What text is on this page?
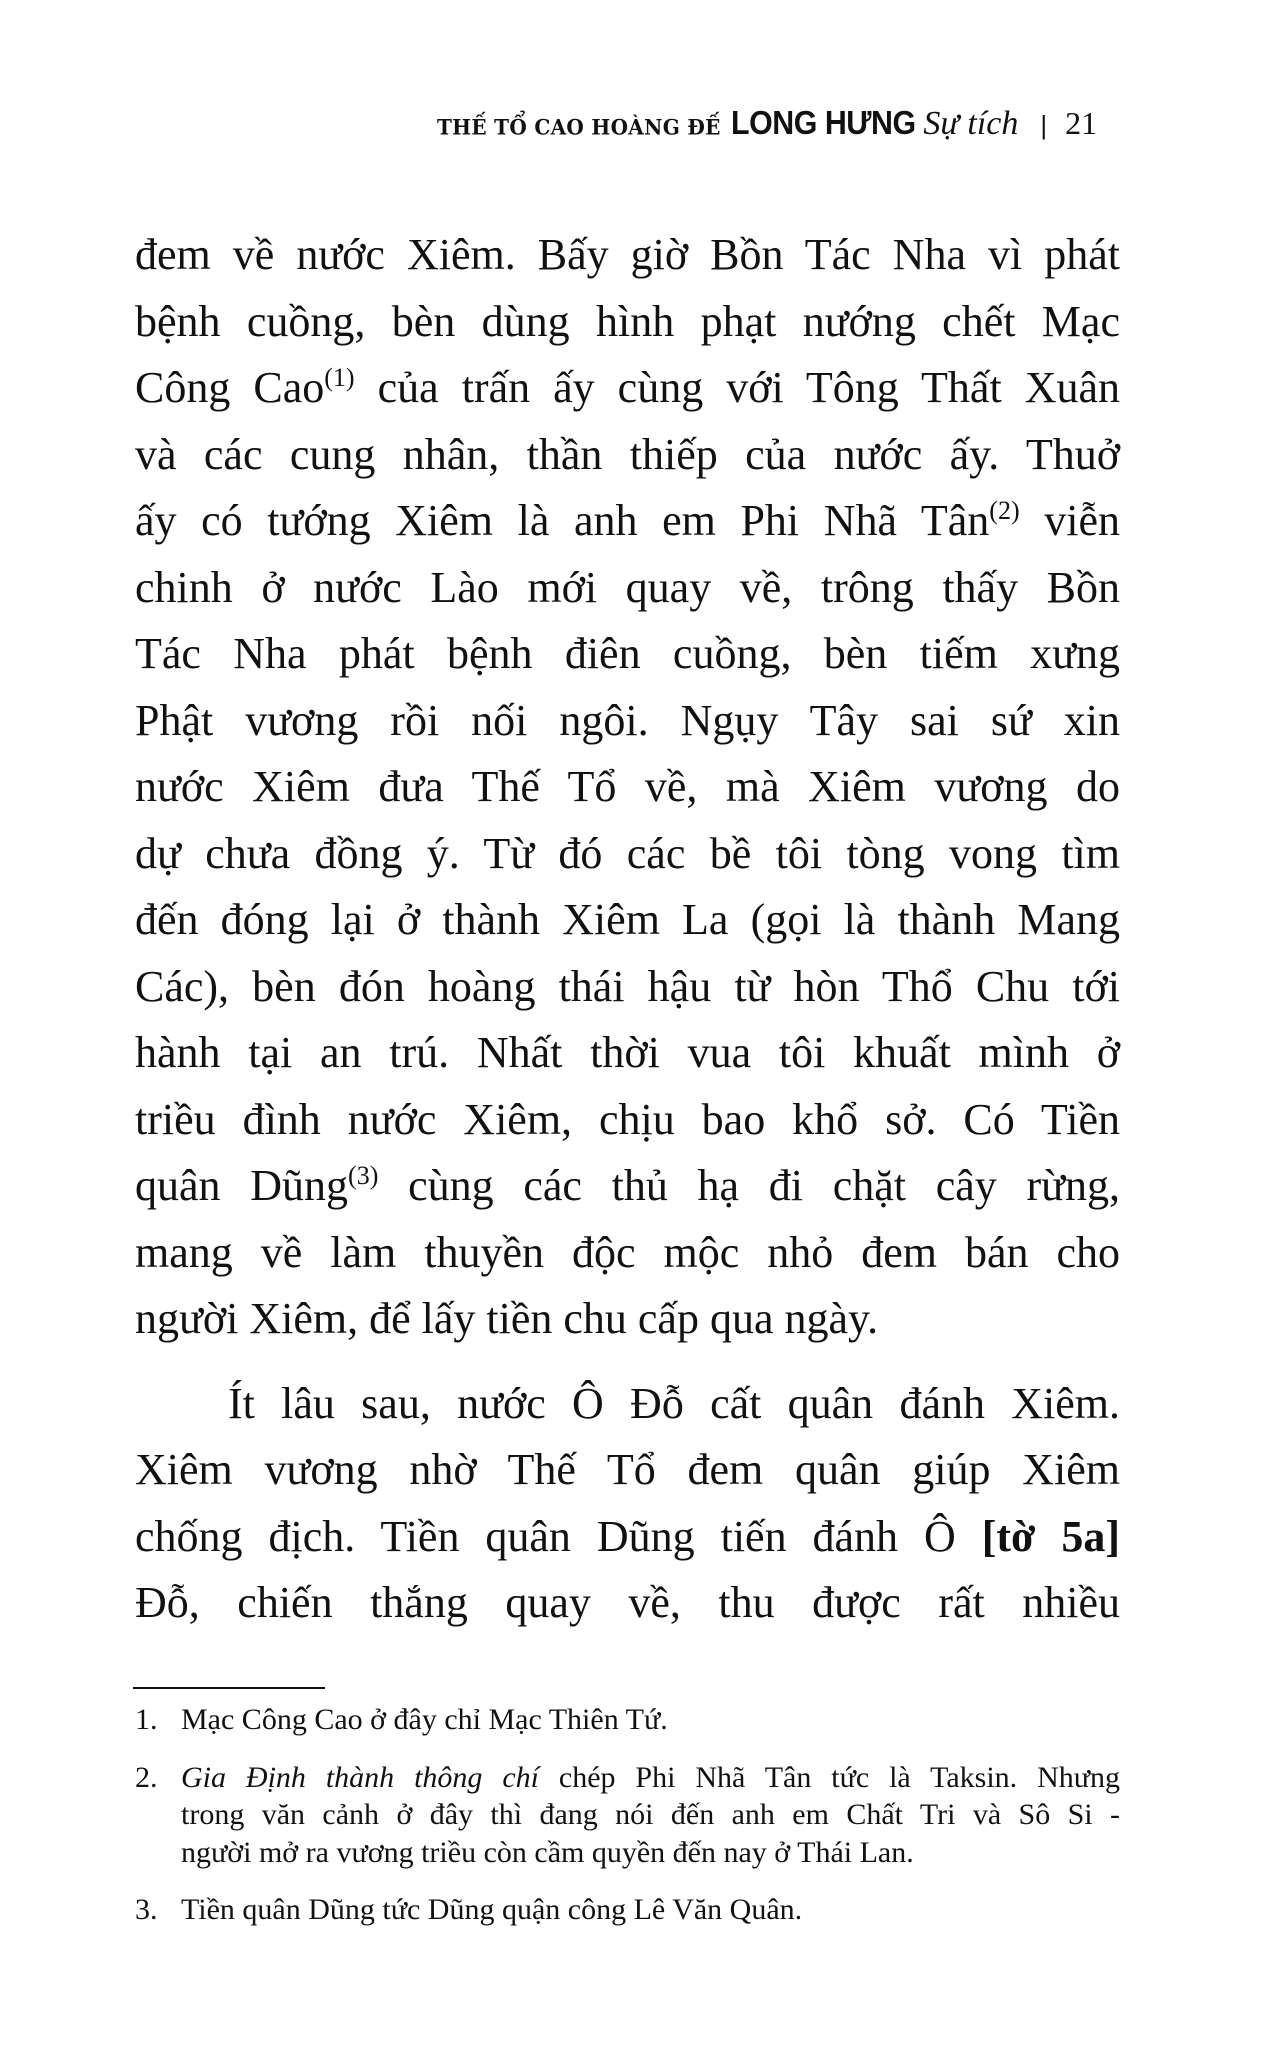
THẾ TỔ CAO HOÀNG ĐẾ LONG HƯNG Sự tích | 21
đem về nước Xiêm. Bấy giờ Bồn Tác Nha vì phát
bệnh cuồng, bèn dùng hình phạt nướng chết Mạc
Công Cao$^{(1)}$ của trấn ấy cùng với Tông Thất Xuân
và các cung nhân, thần thiếp của nước ấy. Thuở
ấy có tướng Xiêm là anh em Phi Nhã Tân$^{(2)}$ viễn
chinh ở nước Lào mới quay về, trông thấy Bồn
Tác Nha phát bệnh điên cuồng, bèn tiếm xưng
Phật vương rồi nối ngôi. Ngụy Tây sai sứ xin
nước Xiêm đưa Thế Tổ về, mà Xiêm vương do
dự chưa đồng ý. Từ đó các bề tôi tòng vong tìm
đến đóng lại ở thành Xiêm La (gọi là thành Mang
Các), bèn đón hoàng thái hậu từ hòn Thổ Chu tới
hành tại an trú. Nhất thời vua tôi khuất mình ở
triều đình nước Xiêm, chịu bao khổ sở. Có Tiền
quân Dũng$^{(3)}$ cùng các thủ hạ đi chặt cây rừng,
mang về làm thuyền độc mộc nhỏ đem bán cho
người Xiêm, để lấy tiền chu cấp qua ngày.
Ít lâu sau, nước Ô Đỗ cất quân đánh Xiêm.
Xiêm vương nhờ Thế Tổ đem quân giúp Xiêm
chống địch. Tiền quân Dũng tiến đánh Ô [tờ 5a]
Đỗ, chiến thắng quay về, thu được rất nhiều
1. Mạc Công Cao ở đây chỉ Mạc Thiên Tứ.
2. Gia Định thành thông chí chép Phi Nhã Tân tức là Taksin. Nhưng
trong văn cảnh ở đây thì đang nói đến anh em Chất Tri và Sô Si -
người mở ra vương triều còn cầm quyền đến nay ở Thái Lan.
3. Tiền quân Dũng tức Dũng quận công Lê Văn Quân.
